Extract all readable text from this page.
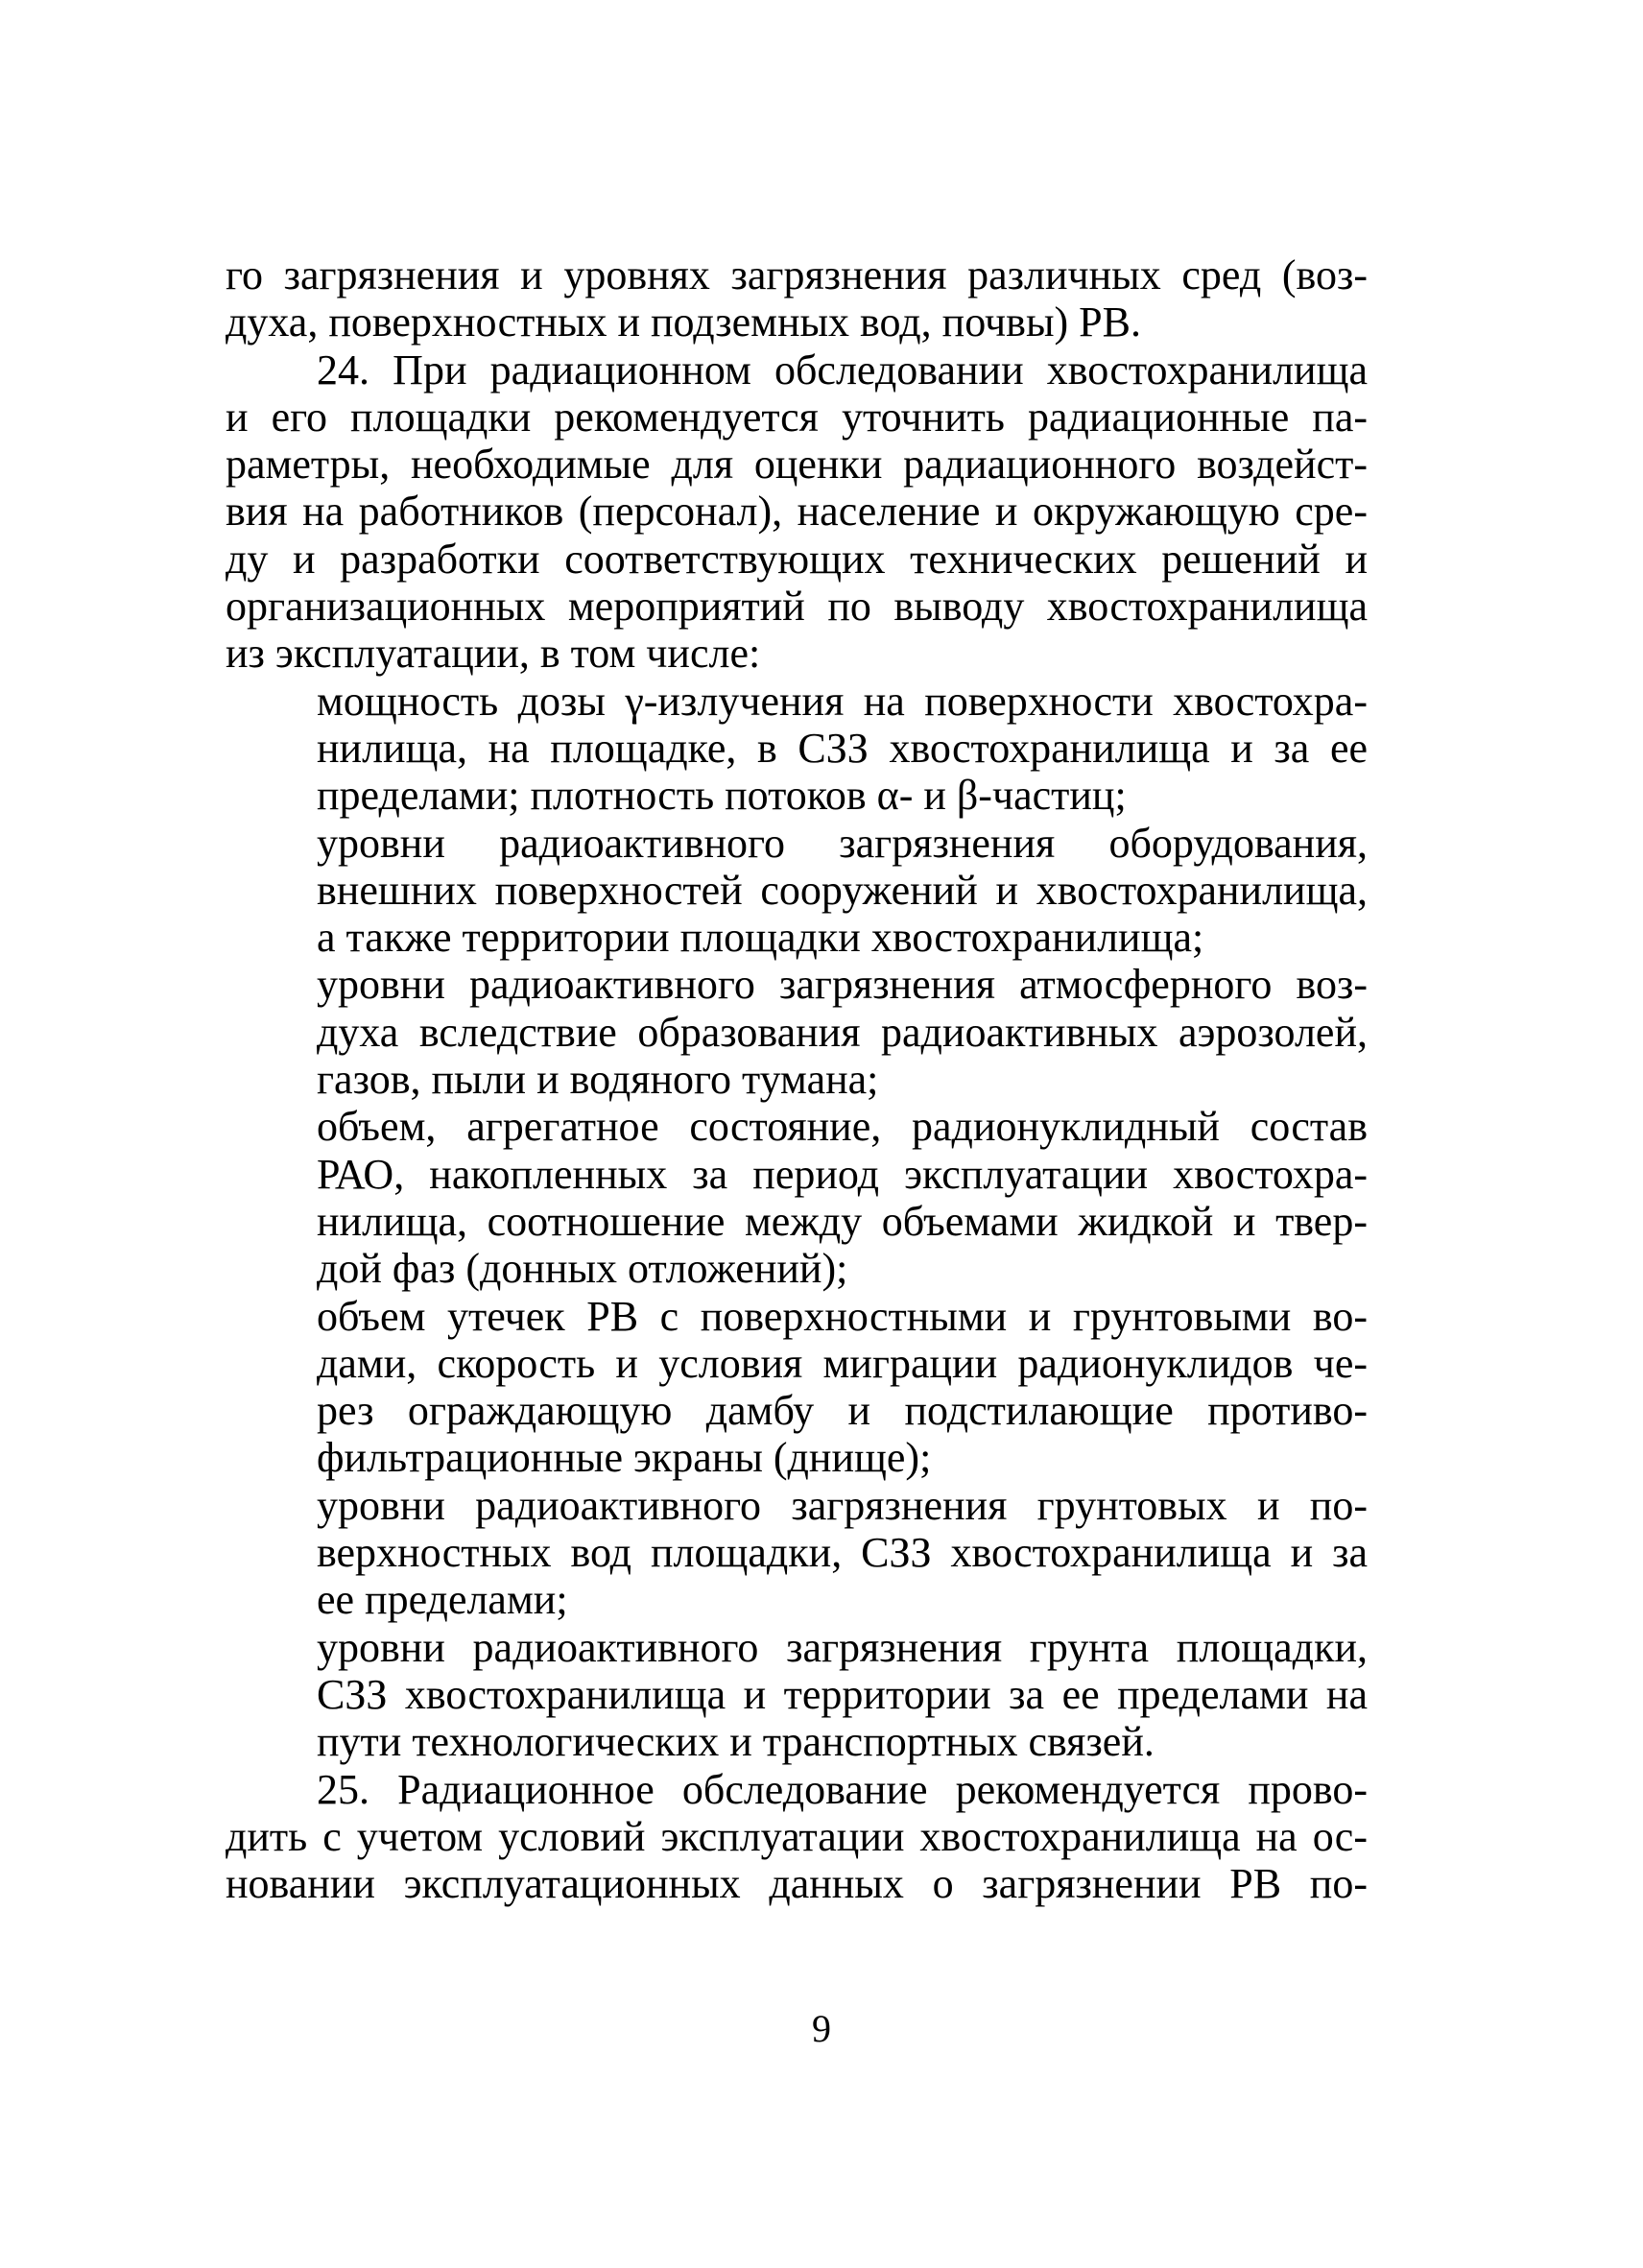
го загрязнения и уровнях загрязнения различных сред (воз-
духа, поверхностных и подземных вод, почвы) РВ.
24. При радиационном обследовании хвостохранилища
и его площадки рекомендуется уточнить радиационные па-
раметры, необходимые для оценки радиационного воздейст-
вия на работников (персонал), население и окружающую сре-
ду и разработки соответствующих технических решений и
организационных мероприятий по выводу хвостохранилища
из эксплуатации, в том числе:
мощность дозы γ-излучения на поверхности хвостохра-
нилища, на площадке, в СЗЗ хвостохранилища и за ее
пределами; плотность потоков α- и β-частиц;
уровни радиоактивного загрязнения оборудования,
внешних поверхностей сооружений и хвостохранилища,
а также территории площадки хвостохранилища;
уровни радиоактивного загрязнения атмосферного воз-
духа вследствие образования радиоактивных аэрозолей,
газов, пыли и водяного тумана;
объем, агрегатное состояние, радионуклидный состав
РАО, накопленных за период эксплуатации хвостохра-
нилища, соотношение между объемами жидкой и твер-
дой фаз (донных отложений);
объем утечек РВ с поверхностными и грунтовыми во-
дами, скорость и условия миграции радионуклидов че-
рез ограждающую дамбу и подстилающие противо-
фильтрационные экраны (днище);
уровни радиоактивного загрязнения грунтовых и по-
верхностных вод площадки, СЗЗ хвостохранилища и за
ее пределами;
уровни радиоактивного загрязнения грунта площадки,
СЗЗ хвостохранилища и территории за ее пределами на
пути технологических и транспортных связей.
25. Радиационное обследование рекомендуется прово-
дить с учетом условий эксплуатации хвостохранилища на ос-
новании эксплуатационных данных о загрязнении РВ по-
9
